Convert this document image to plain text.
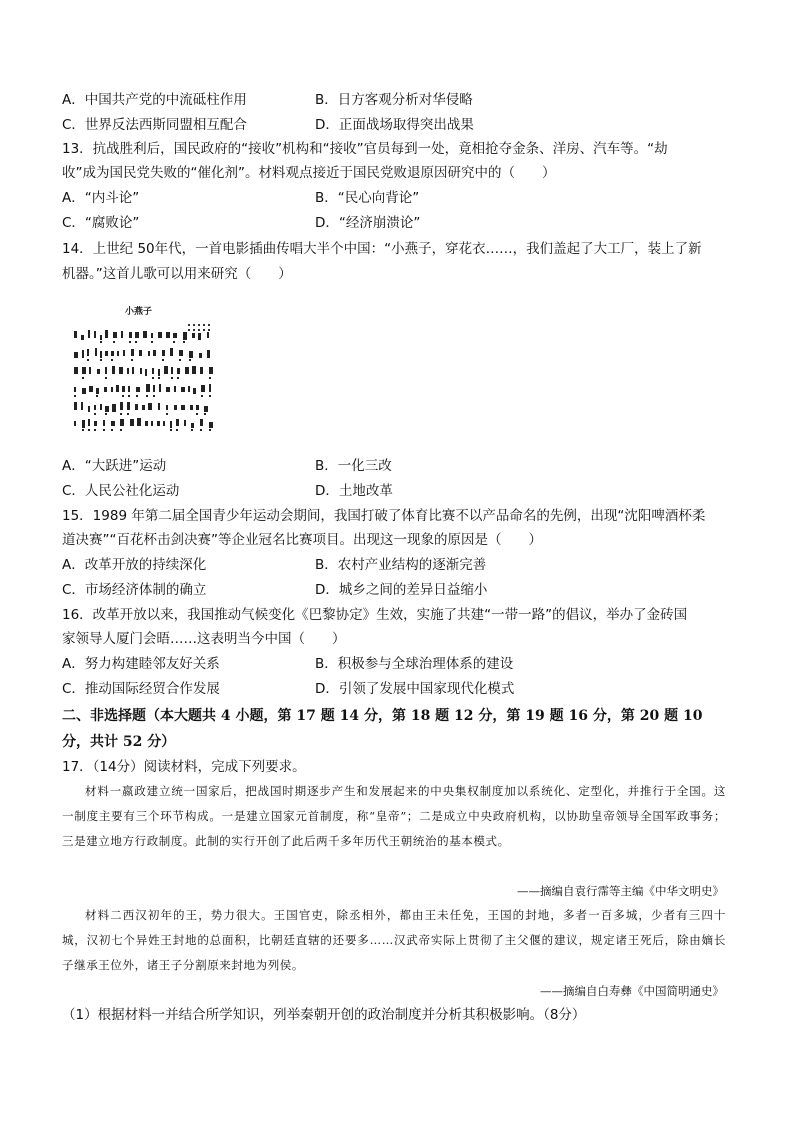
A．中国共产党的中流砥柱作用	B．日方客观分析对华侵略
C．世界反法西斯同盟相互配合	D．正面战场取得突出战果
13．抗战胜利后，国民政府的“接收”机构和“接收”官员每到一处，竟相抢夺金条、洋房、汽车等。“劫
收”成为国民党失败的“催化剂”。材料观点接近于国民党败退原因研究中的（　　）
A．“内斗论”	B．“民心向背论”
C．“腐败论”	D．“经济崩溃论”
14．上世纪 50年代，一首电影插曲传唱大半个中国：“小燕子，穿花衣……，我们盖起了大工厂，装上了新
机器。”这首儿歌可以用来研究（　　）
小燕子
A．“大跃进”运动	B．一化三改
C．人民公社化运动	D．土地改革
15．1989 年第二届全国青少年运动会期间，我国打破了体育比赛不以产品命名的先例，出现“沈阳啤酒杯柔
道决赛”“百花杯击剑决赛”等企业冠名比赛项目。出现这一现象的原因是（　　）
A．改革开放的持续深化	B．农村产业结构的逐渐完善
C．市场经济体制的确立	D．城乡之间的差异日益缩小
16．改革开放以来，我国推动气候变化《巴黎协定》生效，实施了共建“一带一路”的倡议，举办了金砖国
家领导人厦门会晤……这表明当今中国（　　）
A．努力构建睦邻友好关系	B．积极参与全球治理体系的建设
C．推动国际经贸合作发展	D．引领了发展中国家现代化模式
二、非选择题（本大题共 4 小题，第 17 题 14 分，第 18 题 12 分，第 19 题 16 分，第 20 题 10
分，共计 52 分）
17．（14分）阅读材料，完成下列要求。
材料一嬴政建立统一国家后，把战国时期逐步产生和发展起来的中央集权制度加以系统化、定型化，并推行于全国。这一制度主要有三个环节构成。一是建立国家元首制度，称“皇帝”；二是成立中央政府机构，以协助皇帝领导全国军政事务；三是建立地方行政制度。此制的实行开创了此后两千多年历代王朝统治的基本模式。
——摘编自袁行霈等主编《中华文明史》
材料二西汉初年的王，势力很大。王国官吏，除丞相外，都由王未任免，王国的封地，多者一百多城，少者有三四十城，汉初七个异姓王封地的总面积，比朝廷直辖的还要多……汉武帝实际上贯彻了主父偃的建议，规定诸王死后，除由嫡长子继承王位外，诸王子分割原来封地为列侯。
——摘编自白寿彝《中国简明通史》
（1）根据材料一并结合所学知识，列举秦朝开创的政治制度并分析其积极影响。（8分）
